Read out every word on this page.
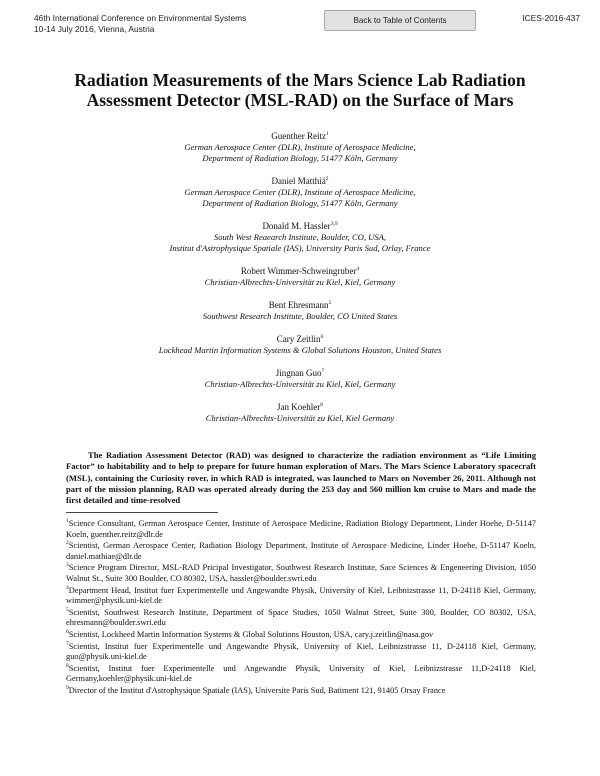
46th International Conference on Environmental Systems
10-14 July 2016, Vienna, Austria
Back to Table of Contents	ICES-2016-437
Radiation Measurements of the Mars Science Lab Radiation
Assessment Detector (MSL-RAD) on the Surface of Mars
Guenther Reitz$^1$
German Aerospace Center (DLR), Institute of Aerospace Medicine,
Department of Radiation Biology, 51477 Köln, Germany
Daniel Matthiä$^2$
German Aerospace Center (DLR), Institute of Aerospace Medicine,
Department of Radiation Biology, 51477 Köln, Germany
Donald M. Hassler$^{3,9}$
South West Reaearch Institute, Boulder, CO, USA,
Institut d'Astrophysique Spatiale (IAS), University Paris Sud, Orlay, France
Robert Wimmer-Schweingruber$^4$
Christian-Albrechts-Universität zu Kiel, Kiel, Germany
Bent Ehresmann$^5$
Southwest Research Institute, Boulder, CO United States
Cary Zeitlin$^6$
Lockhead Martin Information Systems & Global Solutions Houston, United States
Jingnan Guo$^7$
Christian-Albrechts-Universität zu Kiel, Kiel, Germany
Jan Koehler$^8$
Christian-Albrechts-Universität zu Kiel, Kiel Germany

The Radiation Assessment Detector (RAD) was designed to characterize the radiation environment as “Life Limiting Factor” to habitability and to help to prepare for future human exploration of Mars. The Mars Science Laboratory spacecraft (MSL), containing the Curiosity rover, in which RAD is integrated, was launched to Mars on November 26, 2011. Although not part of the mission planning, RAD was operated already during the 253 day and 560 million km cruise to Mars and made the first detailed and time-resolved

$^1$Science Consultant, German Aerospace Center, Institute of Aerospace Medicine, Radiation Biology Department, Linder Hoehe, D-51147 Koeln, guenther.reitz@dlr.de

$^2$Scientist, German Aerospace Center, Radiation Biology Department, Institute of Aerospace Medicine, Linder Hoehe, D-51147 Koeln, daniel.mathiae@dlr.de

$^3$Science Program Director, MSL-RAD Pricipal Investigator, Southwest Research Institute, Sace Sciences & Engeneering Division, 1050 Walnut St., Suite 300 Boulder, CO 80302, USA, hassler@boulder.swri.edu

$^4$Department Head, Institut fuer Experimentelle und Angewandte Physik, University of Kiel, Leibnizstrasse 11, D-24118 Kiel, Germany, wimmer@physik.uni-kiel.de

$^5$Scientist, Southwest Research Institute, Department of Space Studies, 1050 Walnut Street, Suite 300, Boulder, CO 80302, USA, ehresmann@boulder.swri.edu

$^6$Scientist, Lockheed Martin Information Systems & Global Solutions Houston, USA, cary.j.zeitlin@nasa.gov

$^7$Scientist, Institut fuer Experimentelle und Angewandte Physik, University of Kiel, Leibnizstrasse 11, D-24118 Kiel, Germany, guo@physik.uni-kiel.de

$^8$Scientist, Institut fuer Experimentelle und Angewandte Physik, University of Kiel, Leibnizstrasse 11,D-24118 Kiel, Germany,koehler@physik.uni-kiel.de

$^9$Director of the Institut d'Astrophysique Spatiale (IAS), Universite Paris Sud, Batiment 121, 91405 Orsay France
